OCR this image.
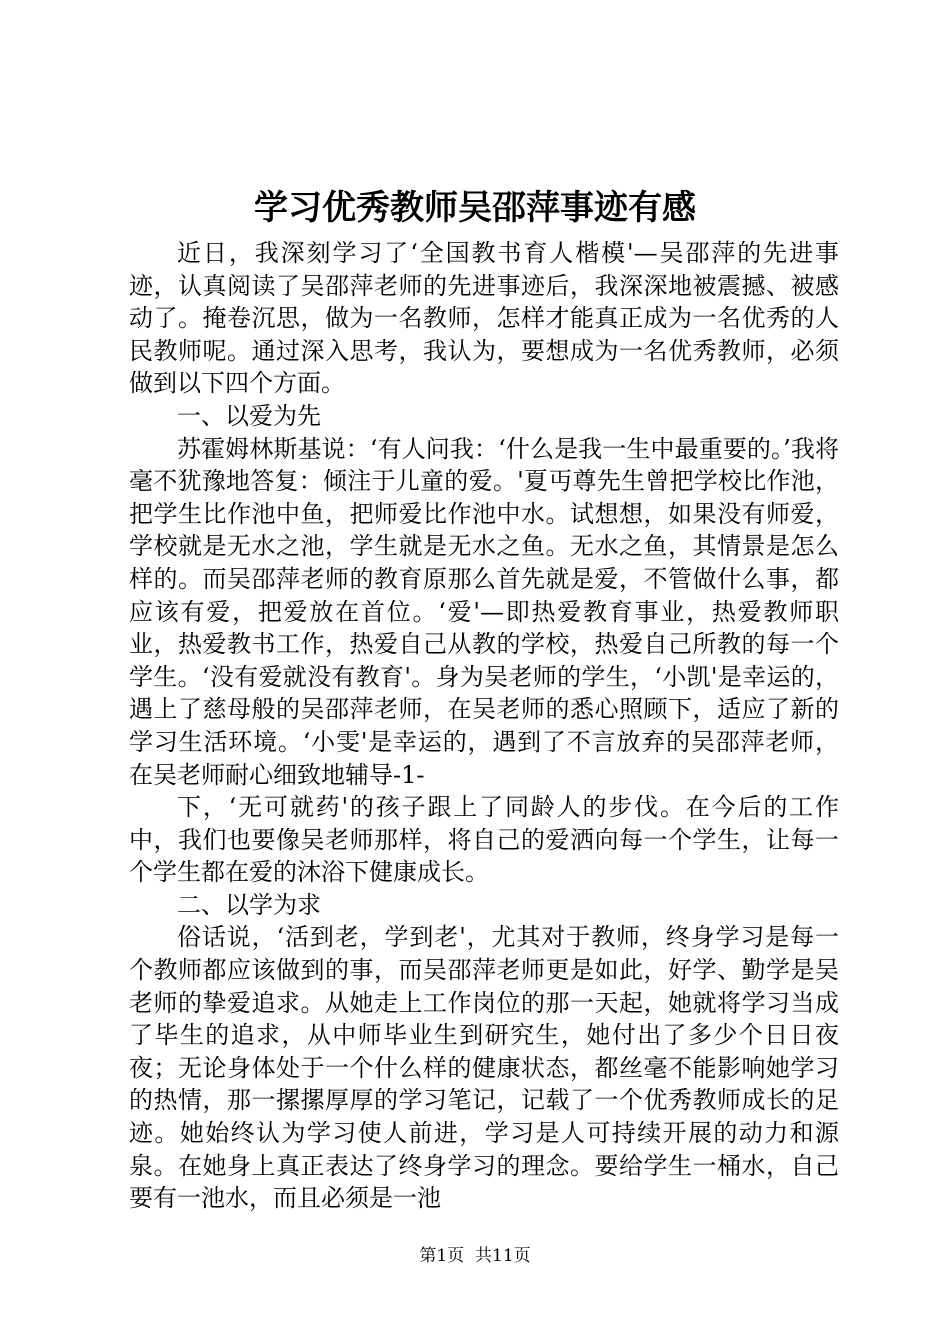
学习优秀教师吴邵萍事迹有感

近日，我深刻学习了‘全国教书育人楷模'—吴邵萍的先进事迹，认真阅读了吴邵萍老师的先进事迹后，我深深地被震撼、被感动了。掩卷沉思，做为一名教师，怎样才能真正成为一名优秀的人民教师呢。通过深入思考，我认为，要想成为一名优秀教师，必须做到以下四个方面。

一、以爱为先

苏霍姆林斯基说：‘有人问我：‘什么是我一生中最重要的。’我将毫不犹豫地答复：倾注于儿童的爱。'夏丏尊先生曾把学校比作池，把学生比作池中鱼，把师爱比作池中水。试想想，如果没有师爱，学校就是无水之池，学生就是无水之鱼。无水之鱼，其情景是怎么样的。而吴邵萍老师的教育原那么首先就是爱，不管做什么事，都应该有爱，把爱放在首位。‘爱'—即热爱教育事业，热爱教师职业，热爱教书工作，热爱自己从教的学校，热爱自己所教的每一个学生。‘没有爱就没有教育'。身为吴老师的学生，‘小凯'是幸运的，遇上了慈母般的吴邵萍老师，在吴老师的悉心照顾下，适应了新的学习生活环境。‘小雯'是幸运的，遇到了不言放弃的吴邵萍老师，在吴老师耐心细致地辅导-1-

下，‘无可就药'的孩子跟上了同龄人的步伐。在今后的工作中，我们也要像吴老师那样，将自己的爱洒向每一个学生，让每一个学生都在爱的沐浴下健康成长。

二、以学为求

俗话说，‘活到老，学到老'，尤其对于教师，终身学习是每一个教师都应该做到的事，而吴邵萍老师更是如此，好学、勤学是吴老师的挚爱追求。从她走上工作岗位的那一天起，她就将学习当成了毕生的追求，从中师毕业生到研究生，她付出了多少个日日夜夜；无论身体处于一个什么样的健康状态，都丝毫不能影响她学习的热情，那一摞摞厚厚的学习笔记，记载了一个优秀教师成长的足迹。她始终认为学习使人前进，学习是人可持续开展的动力和源泉。在她身上真正表达了终身学习的理念。要给学生一桶水，自己要有一池水，而且必须是一池

第1页 共11页
